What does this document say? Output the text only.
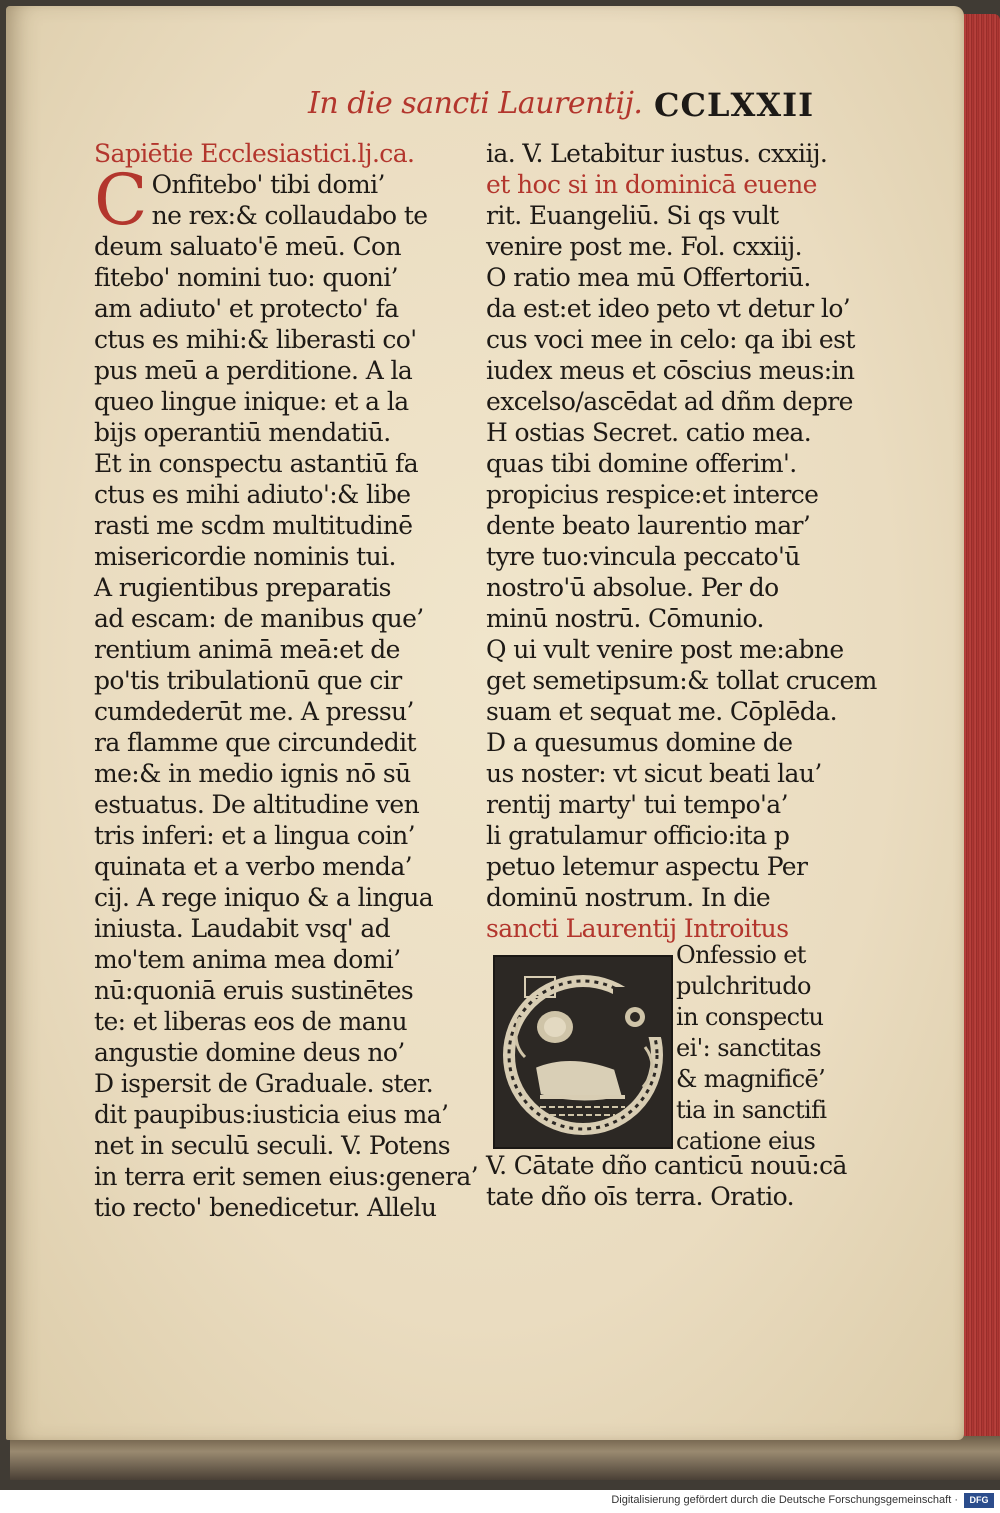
In die sancti Laurentij. CCLXXII
Sapiētie Ecclesiastici.lj.ca.
C Onfitebo' tibi domi’
ne rex:& collaudabo te
deum saluato'ē meū. Con
fitebo' nomini tuo: quoni’
am adiuto' et protecto' fa
ctus es mihi:& liberasti co'
pus meū a perditione. A la
queo lingue inique: et a la
bijs operantiū mendatiū.
Et in conspectu astantiū fa
ctus es mihi adiuto':& libe
rasti me scdm multitudinē
misericordie nominis tui.
A rugientibus preparatis
ad escam: de manibus que’
rentium animā meā:et de
po'tis tribulationū que cir
cumdederūt me. A pressu’
ra flamme que circundedit
me:& in medio ignis nō sū
estuatus. De altitudine ven
tris inferi: et a lingua coin’
quinata et a verbo menda’
cij. A rege iniquo & a lingua
iniusta. Laudabit vsq' ad
mo'tem anima mea domi’
nū:quoniā eruis sustinētes
te: et liberas eos de manu
angustie domine deus no’
D ispersit de Graduale. ster.
dit paupibus:iusticia eius ma’
net in seculū seculi. V. Potens
in terra erit semen eius:genera’
tio recto' benedicetur. Allelu
ia. V. Letabitur iustus. cxxiij.
et hoc si in dominicā euene
rit. Euangeliū. Si qs vult
venire post me. Fol. cxxiij.
O ratio mea mū Offertoriū.
da est:et ideo peto vt detur lo’
cus voci mee in celo: qa ibi est
iudex meus et cōscius meus:in
excelso/ascēdat ad dñm depre
H ostias Secret. catio mea.
quas tibi domine offerim'.
propicius respice:et interce
dente beato laurentio mar’
tyre tuo:vincula peccato'ū
nostro'ū absolue. Per do
minū nostrū. Cōmunio.
Q ui vult venire post me:abne
get semetipsum:& tollat crucem
suam et sequat me. Cōplēda.
D a quesumus domine de
us noster: vt sicut beati lau’
rentij marty' tui tempo'a’
li gratulamur officio:ita p
petuo letemur aspectu Per
dominū nostrum. In die
sancti Laurentij Introitus
Onfessio et
pulchritudo
in conspectu
ei': sanctitas
& magnificē’
tia in sanctifi
catione eius
V. Cātate dño canticū nouū:cā
tate dño oīs terra. Oratio.
Digitalisierung gefördert durch die Deutsche Forschungsgemeinschaft ·	DFG
